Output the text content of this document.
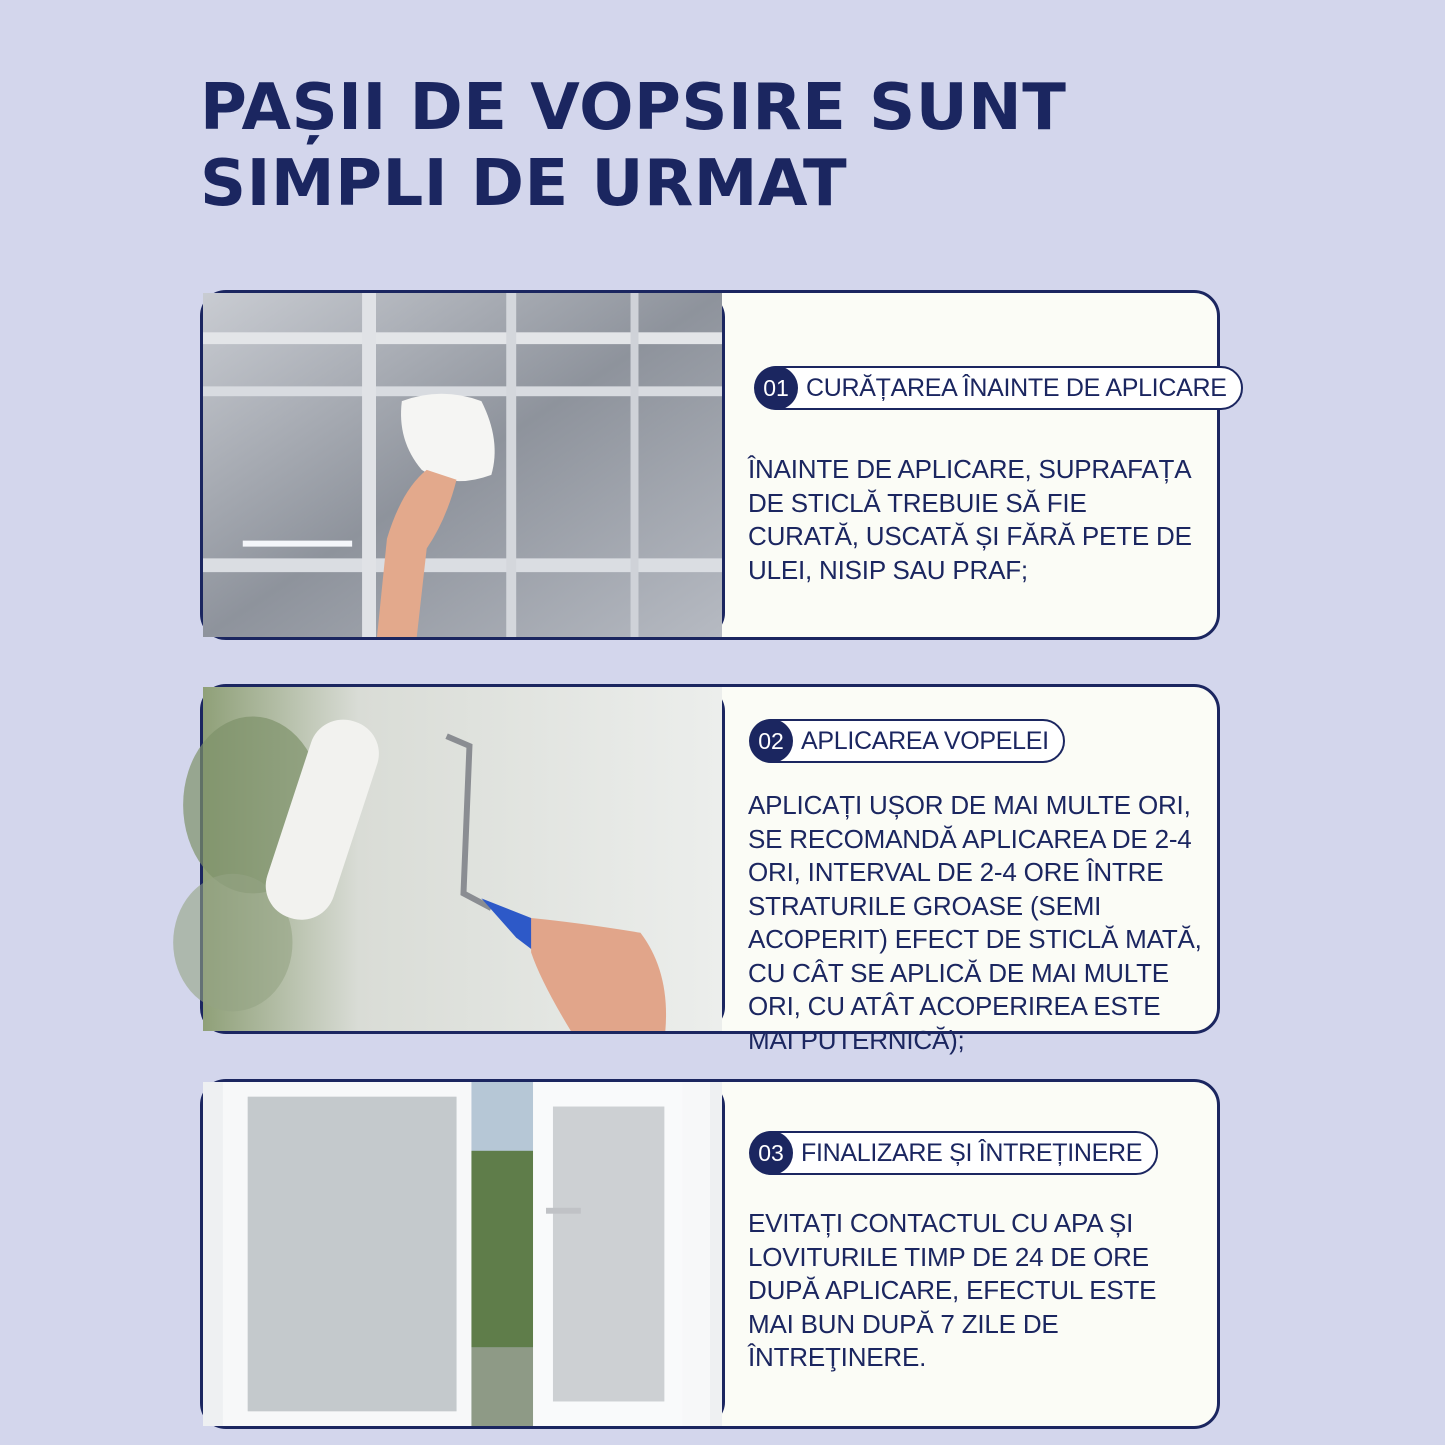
PAȘII DE VOPSIRE SUNT SIMPLI DE URMAT
01 CURĂȚAREA ÎNAINTE DE APLICARE

ÎNAINTE DE APLICARE, SUPRAFAȚA DE STICLĂ TREBUIE SĂ FIE CURATĂ, USCATĂ ȘI FĂRĂ PETE DE ULEI, NISIP SAU PRAF;

02 APLICAREA VOPELEI

APLICAȚI UȘOR DE MAI MULTE ORI, SE RECOMANDĂ APLICAREA DE 2-4 ORI, INTERVAL DE 2-4 ORE ÎNTRE STRATURILE GROASE (SEMI ACOPERIT) EFECT DE STICLĂ MATĂ, CU CÂT SE APLICĂ DE MAI MULTE ORI, CU ATÂT ACOPERIREA ESTE MAI PUTERNICĂ);

03 FINALIZARE ȘI ÎNTREȚINERE

EVITAȚI CONTACTUL CU APA ȘI LOVITURILE TIMP DE 24 DE ORE DUPĂ APLICARE, EFECTUL ESTE MAI BUN DUPĂ 7 ZILE DE ÎNTREŢINERE.
